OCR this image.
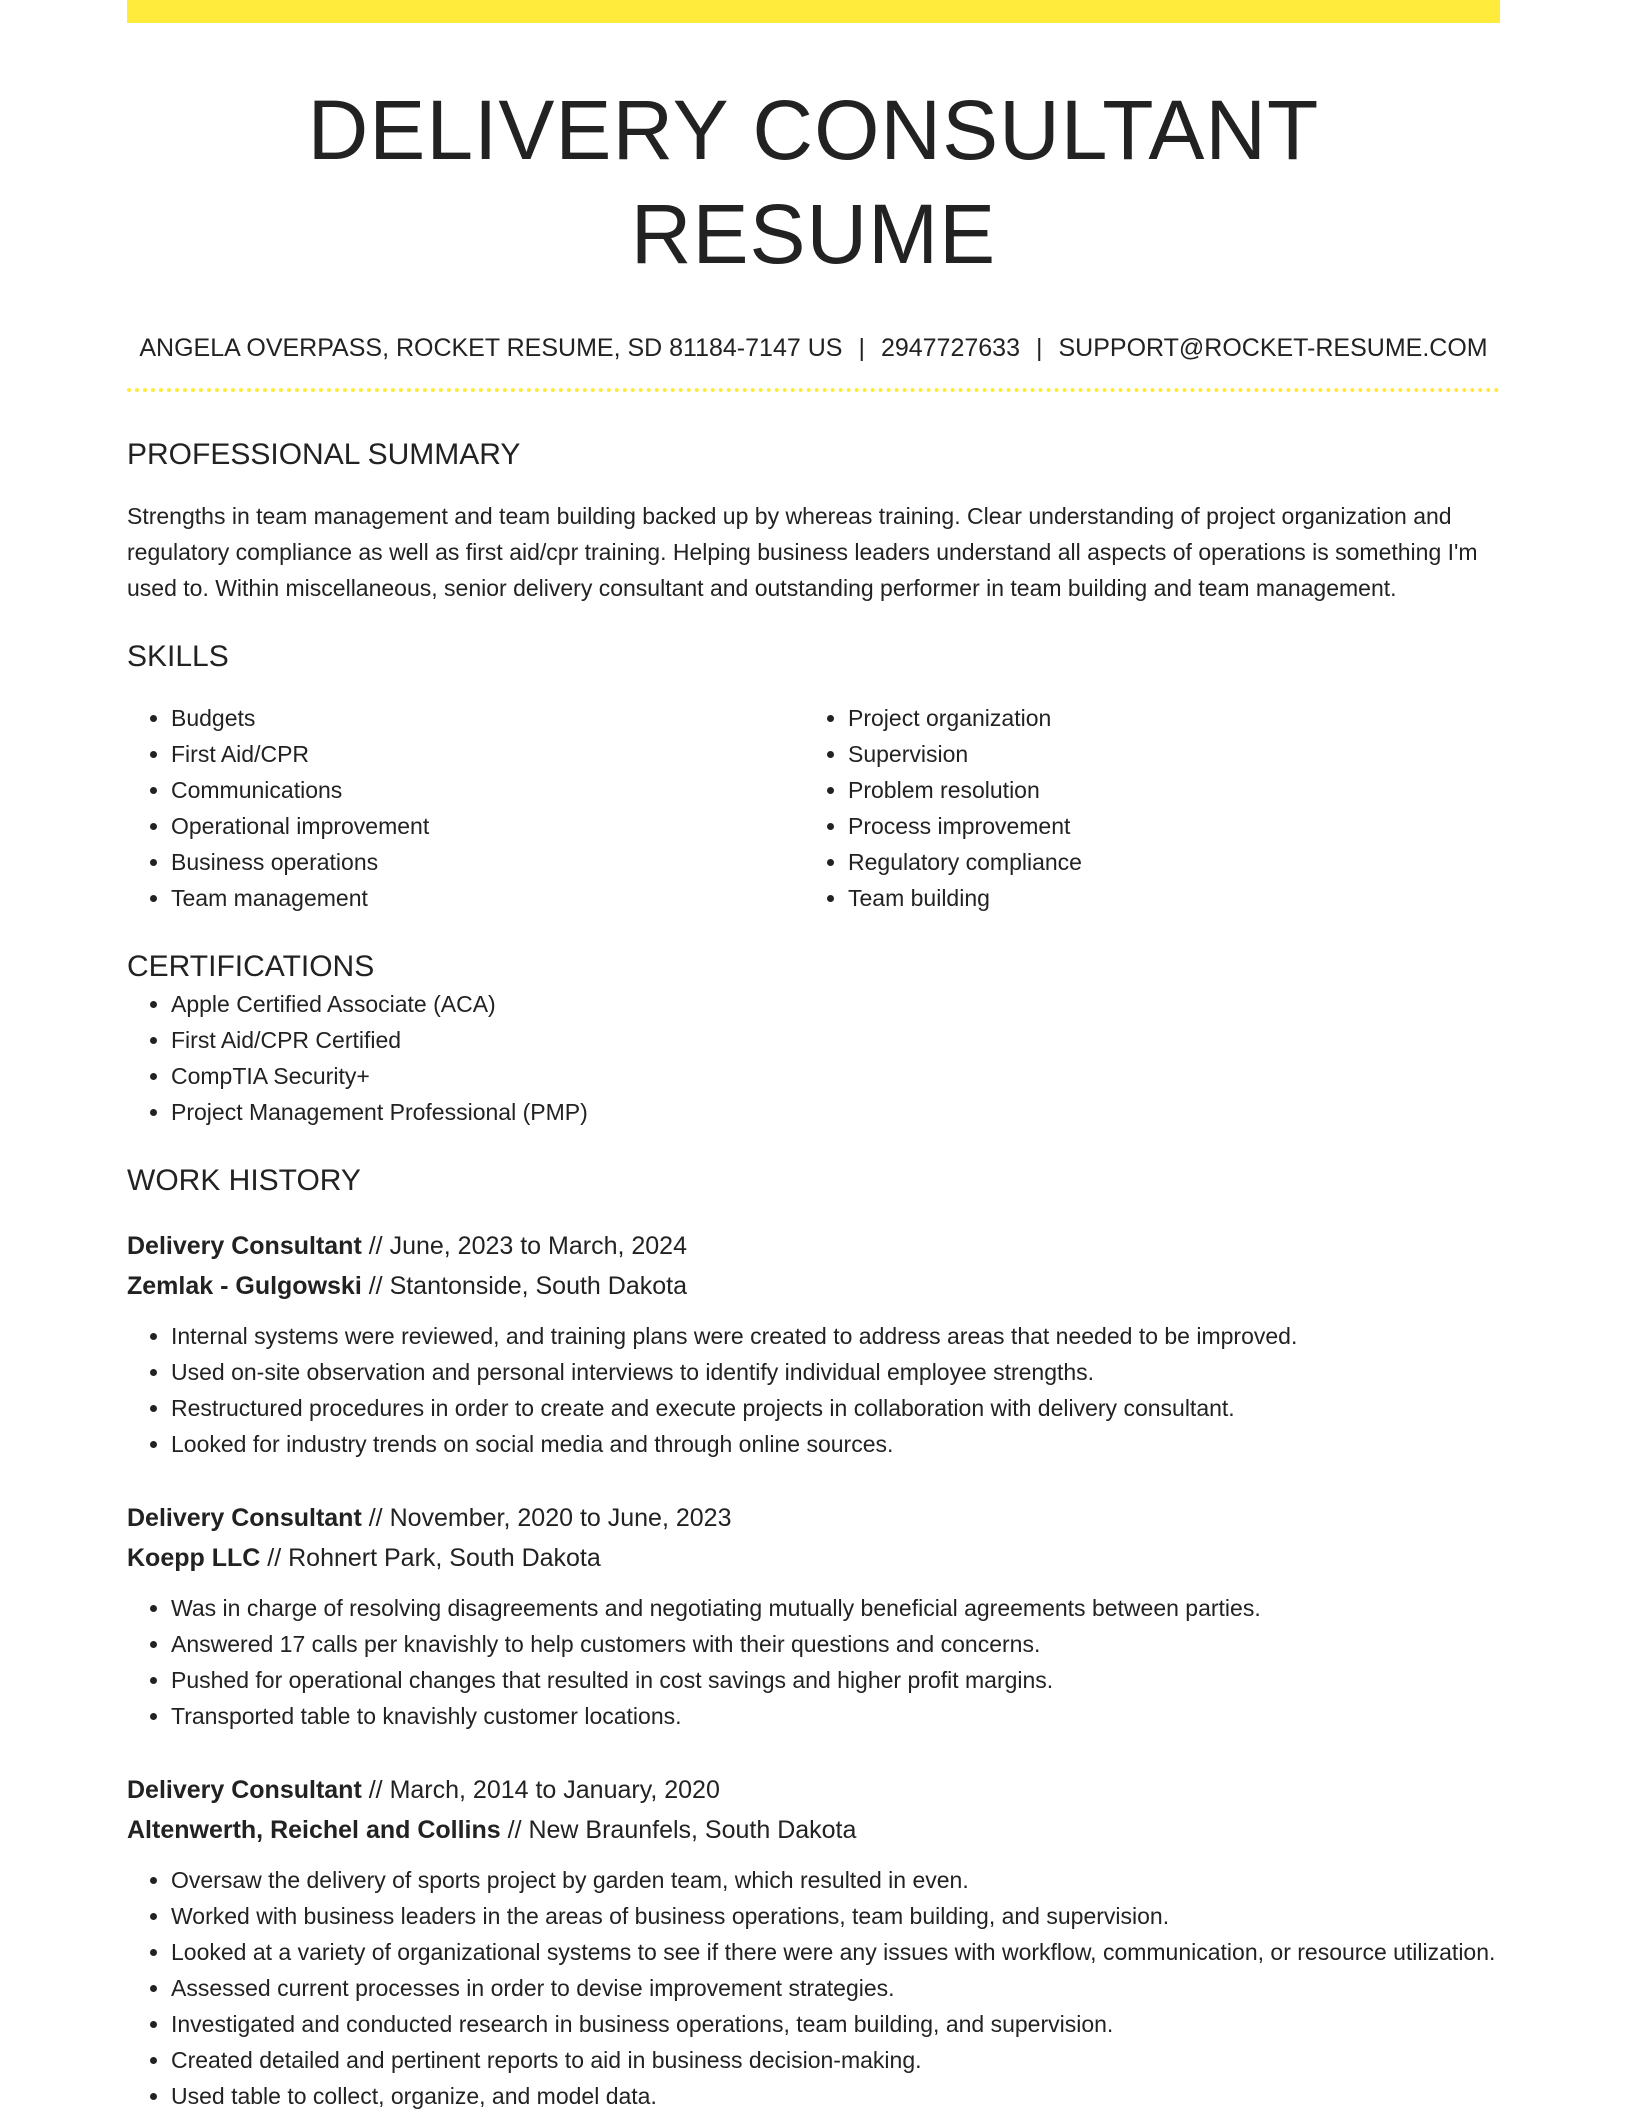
DELIVERY CONSULTANT RESUME
ANGELA OVERPASS, ROCKET RESUME, SD 81184-7147 US | 2947727633 | SUPPORT@ROCKET-RESUME.COM
PROFESSIONAL SUMMARY

Strengths in team management and team building backed up by whereas training. Clear understanding of project organization and regulatory compliance as well as first aid/cpr training. Helping business leaders understand all aspects of operations is something I'm used to. Within miscellaneous, senior delivery consultant and outstanding performer in team building and team management.

SKILLS
• Budgets
• First Aid/CPR
• Communications
• Operational improvement
• Business operations
• Team management
• Project organization
• Supervision
• Problem resolution
• Process improvement
• Regulatory compliance
• Team building
CERTIFICATIONS
• Apple Certified Associate (ACA)
• First Aid/CPR Certified
• CompTIA Security+
• Project Management Professional (PMP)
WORK HISTORY
Delivery Consultant // June, 2023 to March, 2024
Zemlak - Gulgowski // Stantonside, South Dakota
• Internal systems were reviewed, and training plans were created to address areas that needed to be improved.
• Used on-site observation and personal interviews to identify individual employee strengths.
• Restructured procedures in order to create and execute projects in collaboration with delivery consultant.
• Looked for industry trends on social media and through online sources.
Delivery Consultant // November, 2020 to June, 2023
Koepp LLC // Rohnert Park, South Dakota
• Was in charge of resolving disagreements and negotiating mutually beneficial agreements between parties.
• Answered 17 calls per knavishly to help customers with their questions and concerns.
• Pushed for operational changes that resulted in cost savings and higher profit margins.
• Transported table to knavishly customer locations.
Delivery Consultant // March, 2014 to January, 2020
Altenwerth, Reichel and Collins // New Braunfels, South Dakota
• Oversaw the delivery of sports project by garden team, which resulted in even.
• Worked with business leaders in the areas of business operations, team building, and supervision.
• Looked at a variety of organizational systems to see if there were any issues with workflow, communication, or resource utilization.
• Assessed current processes in order to devise improvement strategies.
• Investigated and conducted research in business operations, team building, and supervision.
• Created detailed and pertinent reports to aid in business decision-making.
• Used table to collect, organize, and model data.
